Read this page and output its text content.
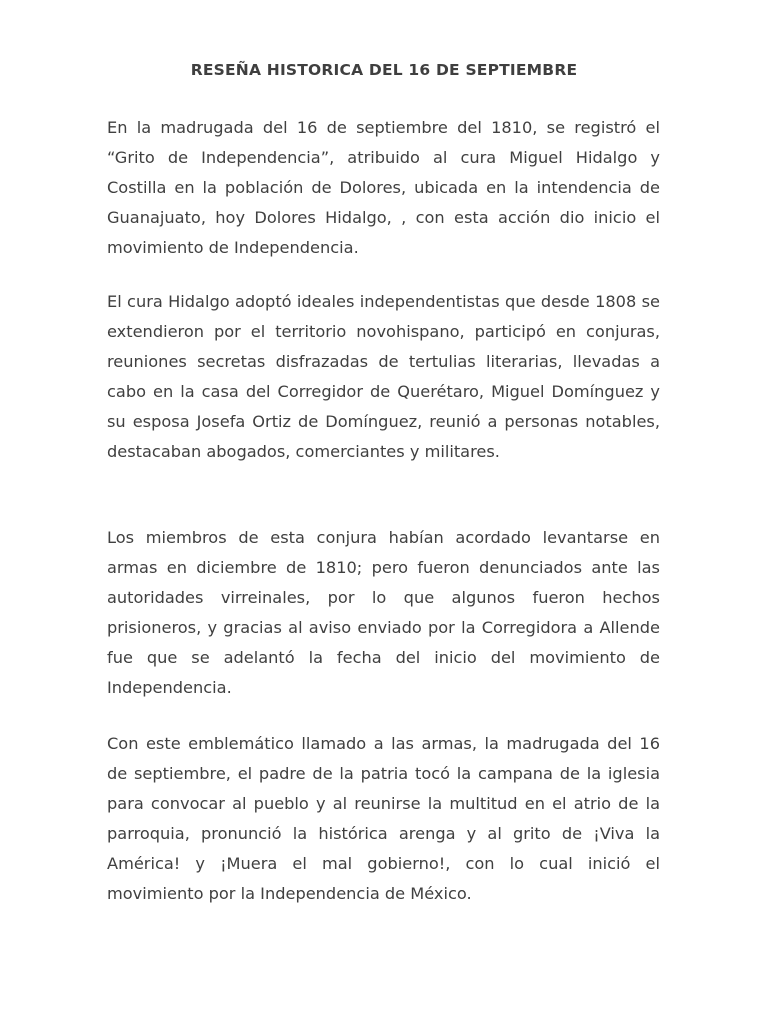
RESEÑA HISTORICA DEL 16 DE SEPTIEMBRE

En la madrugada del 16 de septiembre del 1810, se registró el “Grito de Independencia”, atribuido al cura Miguel Hidalgo y Costilla en la población de Dolores, ubicada en la intendencia de Guanajuato, hoy Dolores Hidalgo, , con esta acción dio inicio el movimiento de Independencia.

El cura Hidalgo adoptó ideales independentistas que desde 1808 se extendieron por el territorio novohispano, participó en conjuras, reuniones secretas disfrazadas de tertulias literarias, llevadas a cabo en la casa del Corregidor de Querétaro, Miguel Domínguez y su esposa Josefa Ortiz de Domínguez, reunió a personas notables, destacaban abogados, comerciantes y militares.

Los miembros de esta conjura habían acordado levantarse en armas en diciembre de 1810; pero fueron denunciados ante las autoridades virreinales, por lo que algunos fueron hechos prisioneros, y gracias al aviso enviado por la Corregidora a Allende fue que se adelantó la fecha del inicio del movimiento de Independencia.

Con este emblemático llamado a las armas, la madrugada del 16 de septiembre, el padre de la patria tocó la campana de la iglesia para convocar al pueblo y al reunirse la multitud en el atrio de la parroquia, pronunció la histórica arenga y al grito de ¡Viva la América! y ¡Muera el mal gobierno!, con lo cual inició el movimiento por la Independencia de México.
